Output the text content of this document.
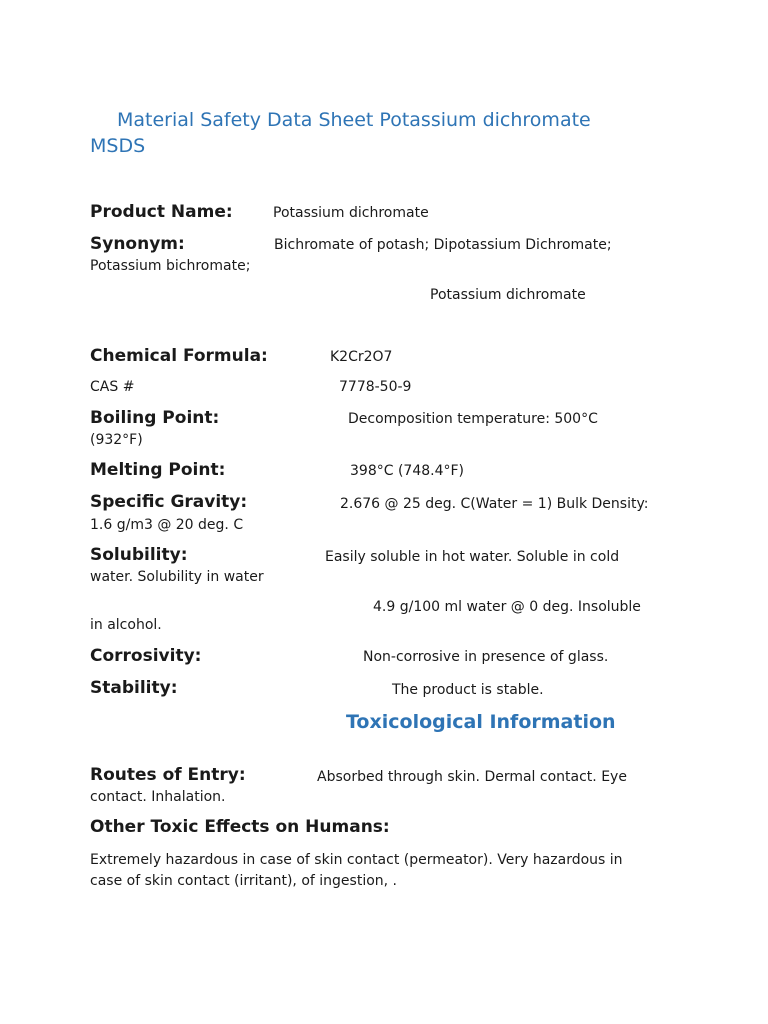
Material Safety Data Sheet Potassium dichromate
MSDS
Product Name:	Potassium dichromate
Synonym:	Bichromate of potash; Dipotassium Dichromate;
Potassium bichromate;
Potassium dichromate
Chemical Formula:	K2Cr2O7
CAS #	7778-50-9
Boiling Point:	Decomposition temperature: 500°C
(932°F)
Melting Point:	398°C (748.4°F)
Specific Gravity:	2.676 @ 25 deg. C(Water = 1) Bulk Density:
1.6 g/m3 @ 20 deg. C
Solubility:	Easily soluble in hot water. Soluble in cold
water. Solubility in water
4.9 g/100 ml water @ 0 deg. Insoluble
in alcohol.
Corrosivity:	Non-corrosive in presence of glass.
Stability:	The product is stable.
Toxicological Information
Routes of Entry:	Absorbed through skin. Dermal contact. Eye
contact. Inhalation.
Other Toxic Effects on Humans:
Extremely hazardous in case of skin contact (permeator). Very hazardous in
case of skin contact (irritant), of ingestion, .
